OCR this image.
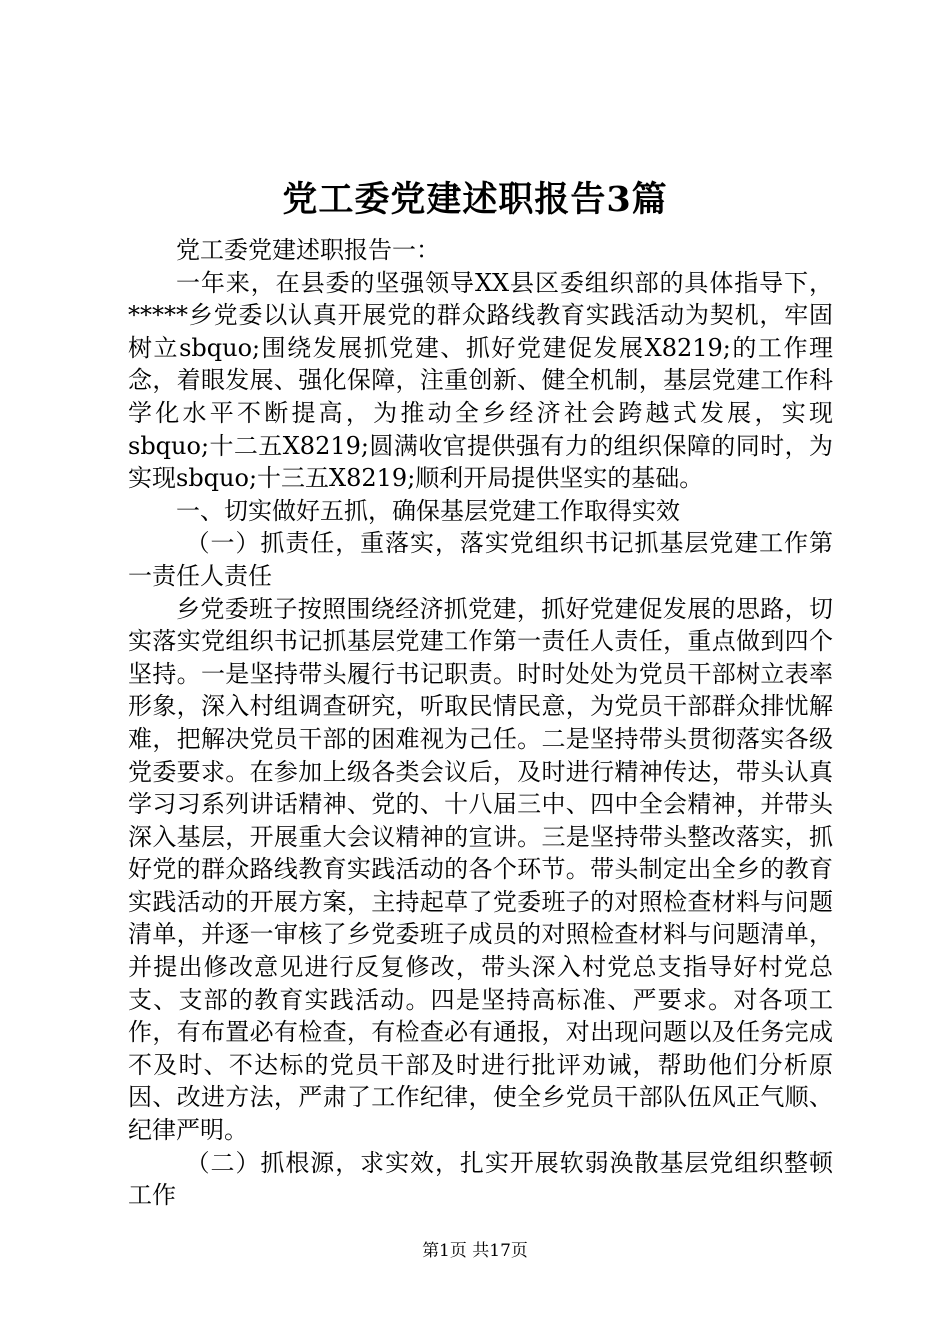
党工委党建述职报告3篇

党工委党建述职报告一：

一年来，在县委的坚强领导XX县区委组织部的具体指导下，*****乡党委以认真开展党的群众路线教育实践活动为契机，牢固树立sbquo;围绕发展抓党建、抓好党建促发展X8219;的工作理念，着眼发展、强化保障，注重创新、健全机制，基层党建工作科学化水平不断提高，为推动全乡经济社会跨越式发展，实现sbquo;十二五X8219;圆满收官提供强有力的组织保障的同时，为实现sbquo;十三五X8219;顺利开局提供坚实的基础。

一、切实做好五抓，确保基层党建工作取得实效

（一）抓责任，重落实，落实党组织书记抓基层党建工作第一责任人责任

乡党委班子按照围绕经济抓党建，抓好党建促发展的思路，切实落实党组织书记抓基层党建工作第一责任人责任，重点做到四个坚持。一是坚持带头履行书记职责。时时处处为党员干部树立表率形象，深入村组调查研究，听取民情民意，为党员干部群众排忧解难，把解决党员干部的困难视为己任。二是坚持带头贯彻落实各级党委要求。在参加上级各类会议后，及时进行精神传达，带头认真学习习系列讲话精神、党的、十八届三中、四中全会精神，并带头深入基层，开展重大会议精神的宣讲。三是坚持带头整改落实，抓好党的群众路线教育实践活动的各个环节。带头制定出全乡的教育实践活动的开展方案，主持起草了党委班子的对照检查材料与问题清单，并逐一审核了乡党委班子成员的对照检查材料与问题清单，并提出修改意见进行反复修改，带头深入村党总支指导好村党总支、支部的教育实践活动。四是坚持高标准、严要求。对各项工作，有布置必有检查，有检查必有通报，对出现问题以及任务完成不及时、不达标的党员干部及时进行批评劝诫，帮助他们分析原因、改进方法，严肃了工作纪律，使全乡党员干部队伍风正气顺、纪律严明。

（二）抓根源，求实效，扎实开展软弱涣散基层党组织整顿工作

第1页 共17页
